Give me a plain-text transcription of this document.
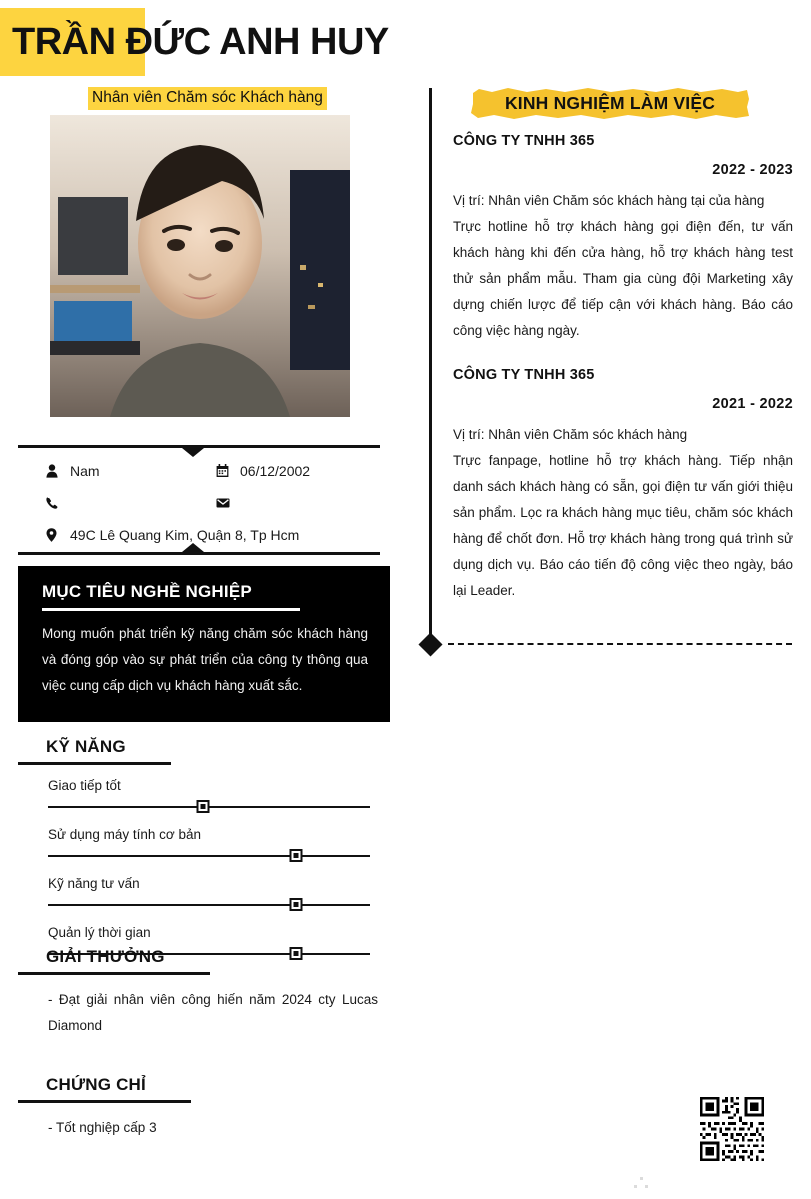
TRẦN ĐỨC ANH HUY
Nhân viên Chăm sóc Khách hàng
Nam	06/12/2002
49C Lê Quang Kim, Quận 8, Tp Hcm
MỤC TIÊU NGHỀ NGHIỆP

Mong muốn phát triển kỹ năng chăm sóc khách hàng và đóng góp vào sự phát triển của công ty thông qua việc cung cấp dịch vụ khách hàng xuất sắc.

KỸ NĂNG
Giao tiếp tốt
Sử dụng máy tính cơ bản
Kỹ năng tư vấn
Quản lý thời gian
GIẢI THƯỞNG

- Đạt giải nhân viên công hiến năm 2024 cty Lucas Diamond

CHỨNG CHỈ

- Tốt nghiệp cấp 3

KINH NGHIỆM LÀM VIỆC
CÔNG TY TNHH 365
2022 - 2023
Vị trí: Nhân viên Chăm sóc khách hàng tại của hàng
Trực hotline hỗ trợ khách hàng gọi điện đến, tư vấn khách hàng khi đến cửa hàng, hỗ trợ khách hàng test thử sản phẩm mẫu. Tham gia cùng đội Marketing xây dựng chiến lược để tiếp cận với khách hàng. Báo cáo công việc hàng ngày.
CÔNG TY TNHH 365
2021 - 2022
Vị trí: Nhân viên Chăm sóc khách hàng
Trực fanpage, hotline hỗ trợ khách hàng. Tiếp nhận danh sách khách hàng có sẵn, gọi điện tư vấn giới thiệu sản phẩm. Lọc ra khách hàng mục tiêu, chăm sóc khách hàng để chốt đơn. Hỗ trợ khách hàng trong quá trình sử dụng dịch vụ. Báo cáo tiến độ công việc theo ngày, báo lại Leader.
